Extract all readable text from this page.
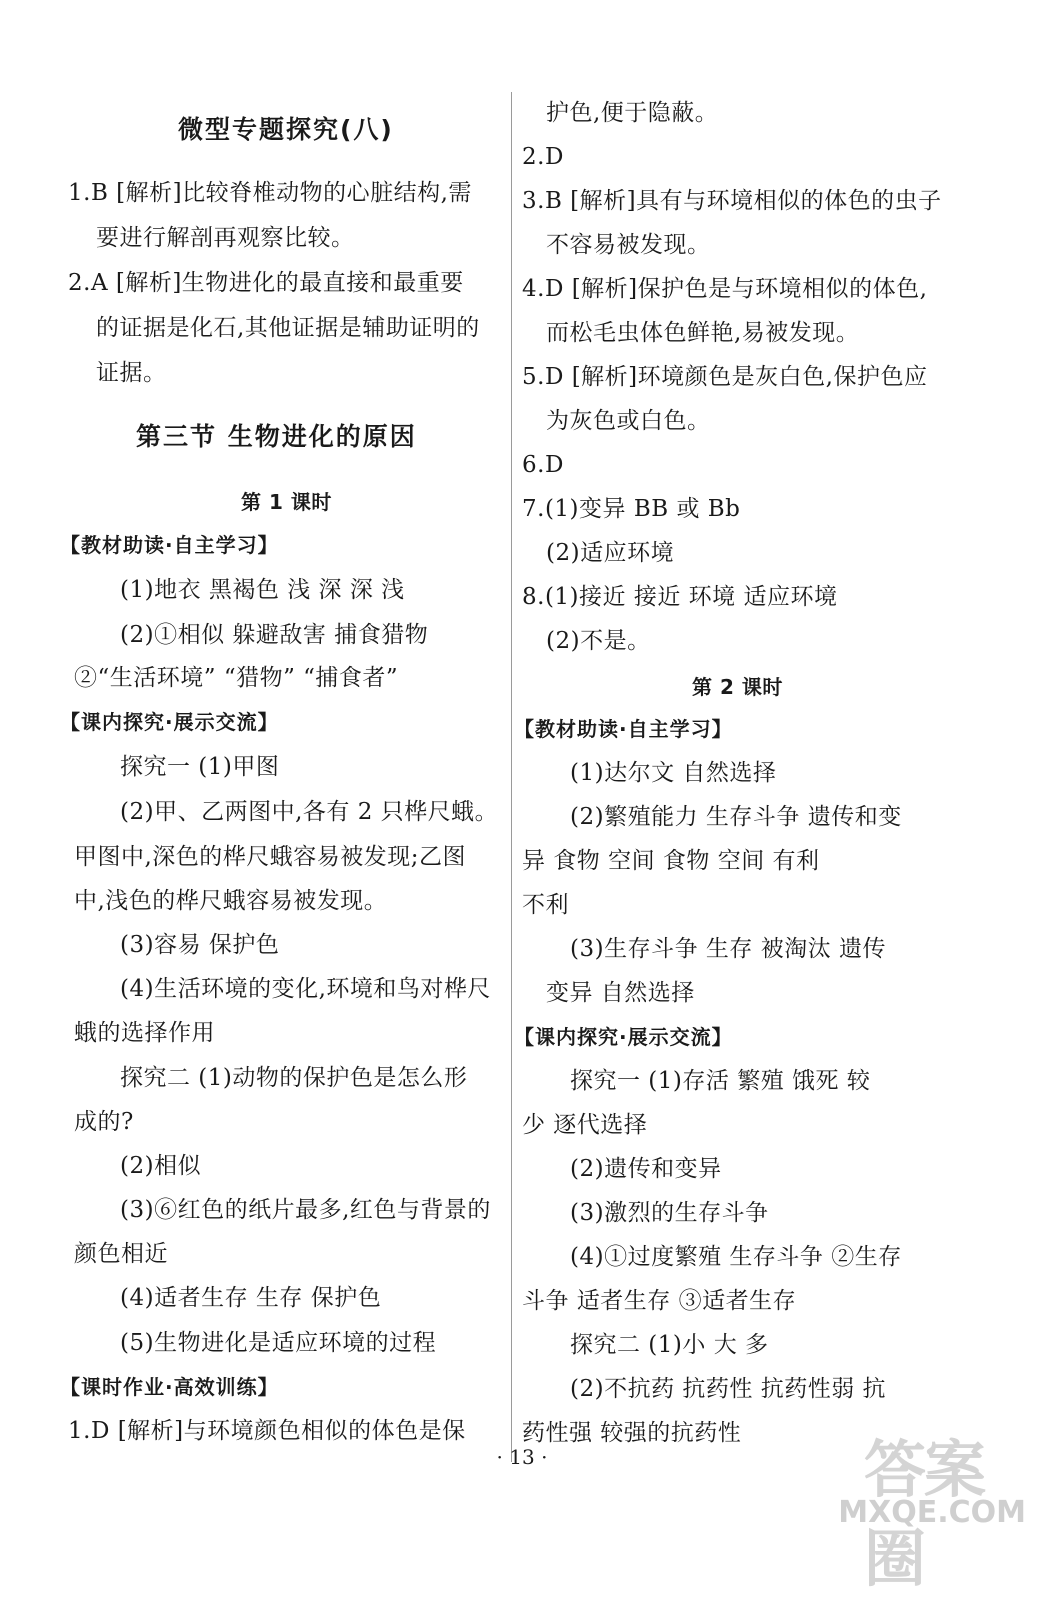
微型专题探究(八)
1.B [解析]比较脊椎动物的心脏结构,需
要进行解剖再观察比较。
2.A [解析]生物进化的最直接和最重要
的证据是化石,其他证据是辅助证明的
证据。
第三节 生物进化的原因
第 1 课时
【教材助读·自主学习】
(1)地衣 黑褐色 浅 深 深 浅
(2)①相似 躲避敌害 捕食猎物
②“生活环境” “猎物” “捕食者”
【课内探究·展示交流】
探究一 (1)甲图
(2)甲、乙两图中,各有 2 只桦尺蛾。
甲图中,深色的桦尺蛾容易被发现;乙图
中,浅色的桦尺蛾容易被发现。
(3)容易 保护色
(4)生活环境的变化,环境和鸟对桦尺
蛾的选择作用
探究二 (1)动物的保护色是怎么形
成的?
(2)相似
(3)⑥红色的纸片最多,红色与背景的
颜色相近
(4)适者生存 生存 保护色
(5)生物进化是适应环境的过程
【课时作业·高效训练】
1.D [解析]与环境颜色相似的体色是保
护色,便于隐蔽。
2.D
3.B [解析]具有与环境相似的体色的虫子
不容易被发现。
4.D [解析]保护色是与环境相似的体色,
而松毛虫体色鲜艳,易被发现。
5.D [解析]环境颜色是灰白色,保护色应
为灰色或白色。
6.D
7.(1)变异 BB 或 Bb
(2)适应环境
8.(1)接近 接近 环境 适应环境
(2)不是。
第 2 课时
【教材助读·自主学习】
(1)达尔文 自然选择
(2)繁殖能力 生存斗争 遗传和变
异 食物 空间 食物 空间 有利
不利
(3)生存斗争 生存 被淘汰 遗传
变异 自然选择
【课内探究·展示交流】
探究一 (1)存活 繁殖 饿死 较
少 逐代选择
(2)遗传和变异
(3)激烈的生存斗争
(4)①过度繁殖 生存斗争 ②生存
斗争 适者生存 ③适者生存
探究二 (1)小 大 多
(2)不抗药 抗药性 抗药性弱 抗
药性强 较强的抗药性
· 13 ·	答案圈
MXQE.COM
